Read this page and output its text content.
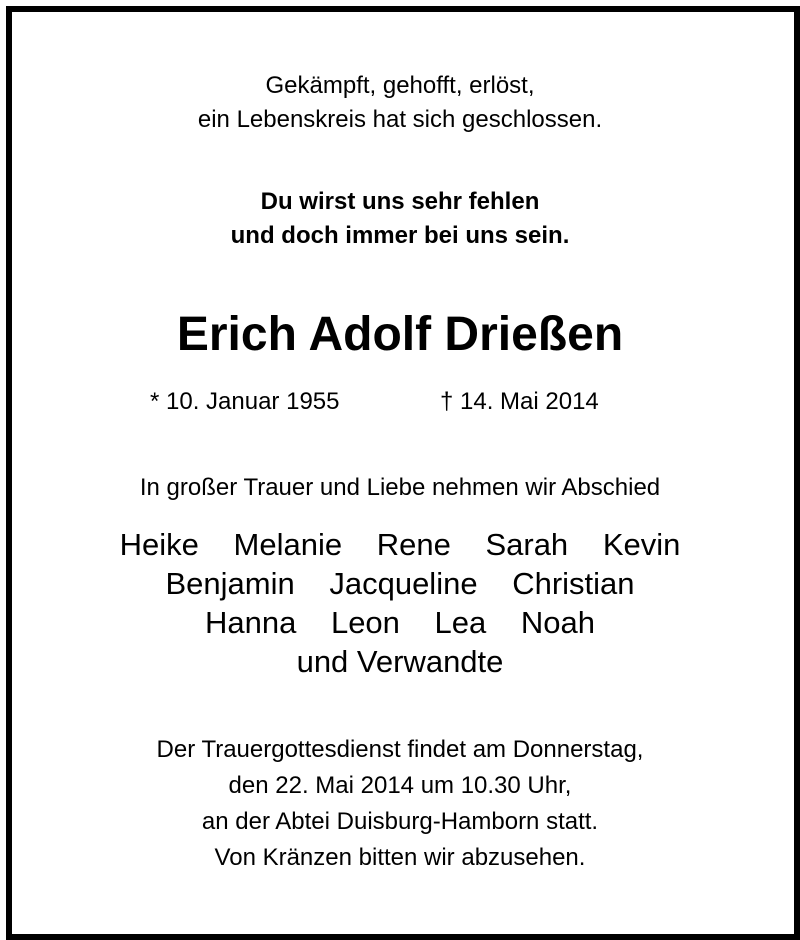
Gekämpft, gehofft, erlöst,
ein Lebenskreis hat sich geschlossen.
Du wirst uns sehr fehlen
und doch immer bei uns sein.
Erich Adolf Drießen
* 10. Januar 1955	† 14. Mai 2014
In großer Trauer und Liebe nehmen wir Abschied
Heike Melanie Rene Sarah Kevin
Benjamin Jacqueline Christian
Hanna Leon Lea Noah
und Verwandte
Der Trauergottesdienst findet am Donnerstag,
den 22. Mai 2014 um 10.30 Uhr,
an der Abtei Duisburg-Hamborn statt.
Von Kränzen bitten wir abzusehen.
